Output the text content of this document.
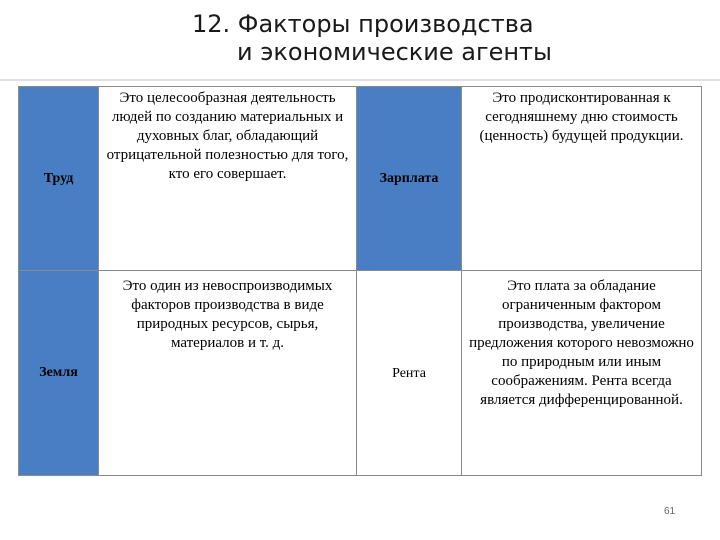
12. Факторы производства
и экономические агенты
Труд	Это целесообразная деятельность людей по созданию материальных и духовных благ, обладающий отрицательной полезностью для того, кто его совершает.	Зарплата	Это продисконтированная к сегодняшнему дню стоимость (ценность) будущей продукции.

Земля	Это один из невоспроизводимых факторов производства в виде природных ресурсов, сырья, материалов и т. д.	Рента	Это плата за обладание ограниченным фактором производства, увеличение предложения которого невозможно по природным или иным соображениям. Рента всегда является дифференцированной.
61
